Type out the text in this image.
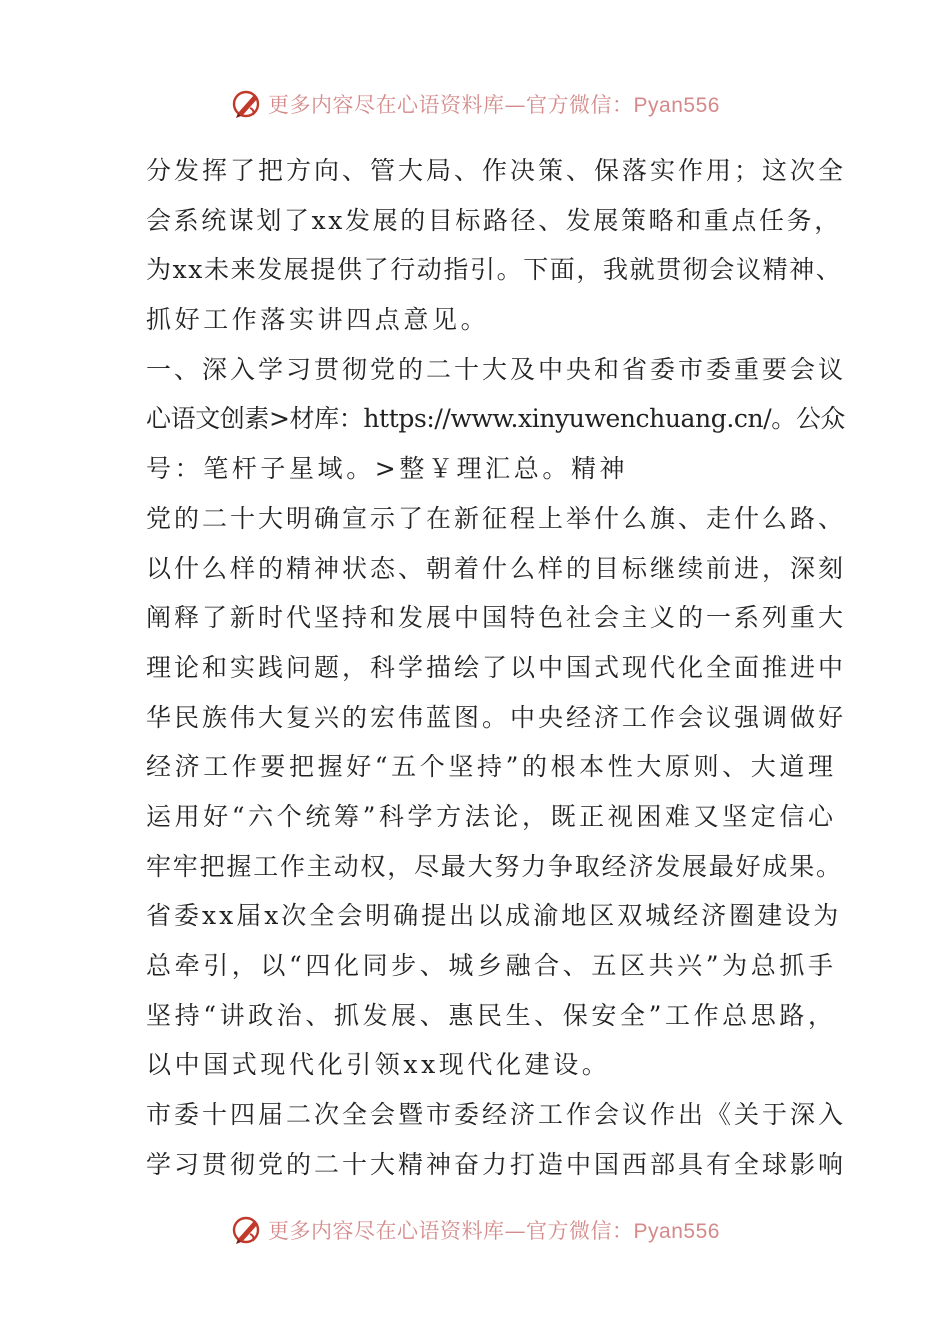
更多内容尽在心语资料库—官方微信：Pyan556
分发挥了把方向、管大局、作决策、保落实作用；这次全
会系统谋划了xx发展的目标路径、发展策略和重点任务，
为xx未来发展提供了行动指引。下面，我就贯彻会议精神、
抓好工作落实讲四点意见。
一、深入学习贯彻党的二十大及中央和省委市委重要会议
心语文创素>材库：https://www.xinyuwenchuang.cn/。公众
号：笔杆子星域。>整￥理汇总。精神
党的二十大明确宣示了在新征程上举什么旗、走什么路、
以什么样的精神状态、朝着什么样的目标继续前进，深刻
阐释了新时代坚持和发展中国特色社会主义的一系列重大
理论和实践问题，科学描绘了以中国式现代化全面推进中
华民族伟大复兴的宏伟蓝图。中央经济工作会议强调做好
经济工作要把握好“五个坚持”的根本性大原则、大道理
运用好“六个统筹”科学方法论，既正视困难又坚定信心
牢牢把握工作主动权，尽最大努力争取经济发展最好成果。
省委xx届x次全会明确提出以成渝地区双城经济圈建设为
总牵引，以“四化同步、城乡融合、五区共兴”为总抓手
坚持“讲政治、抓发展、惠民生、保安全”工作总思路，
以中国式现代化引领xx现代化建设。
市委十四届二次全会暨市委经济工作会议作出《关于深入
学习贯彻党的二十大精神奋力打造中国西部具有全球影响
更多内容尽在心语资料库—官方微信：Pyan556
